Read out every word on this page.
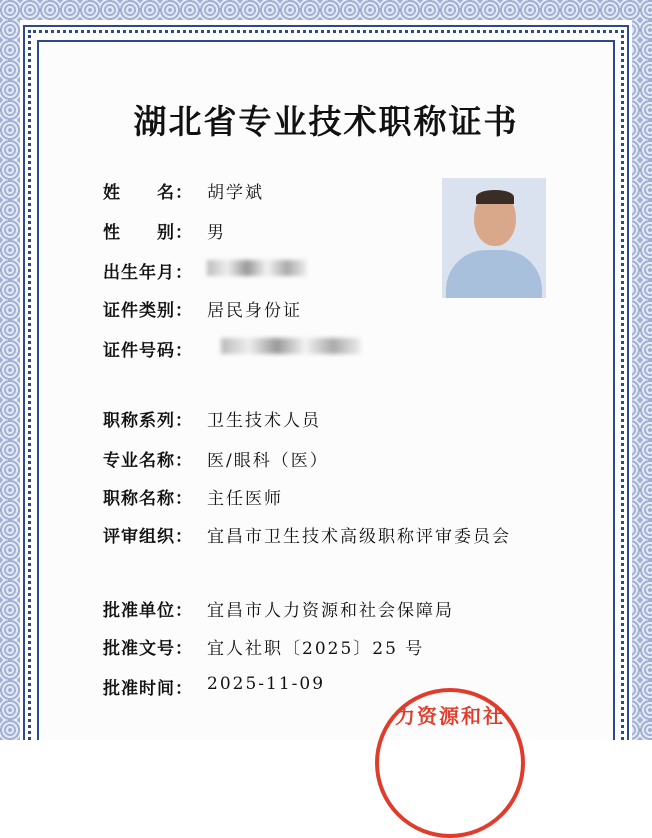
湖北省专业技术职称证书
姓　　名： 胡学斌
性　　别： 男
出生年月：
证件类别： 居民身份证
证件号码：
职称系列： 卫生技术人员
专业名称： 医/眼科（医）
职称名称： 主任医师
评审组织： 宜昌市卫生技术高级职称评审委员会
批准单位： 宜昌市人力资源和社会保障局
批准文号： 宜人社职〔2025〕25 号
批准时间： 2025-11-09
力资源和社
